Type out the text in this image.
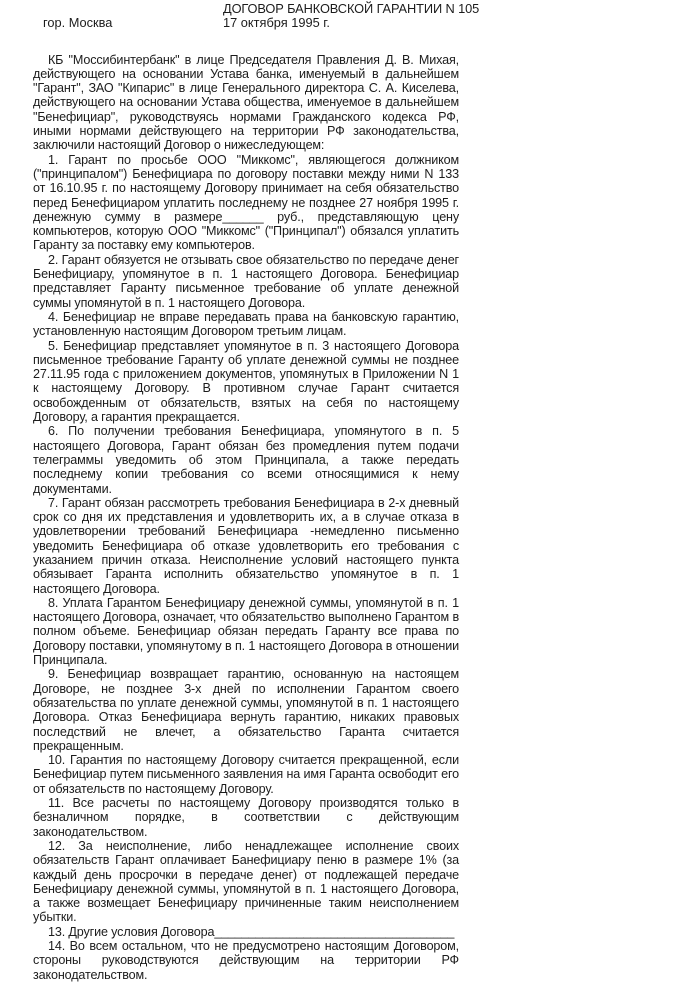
ДОГОВОР БАНКОВСКОЙ ГАРАНТИИ N 105
гор. Москва	17 октября 1995 г.

КБ "Моссибинтербанк" в лице Председателя Правления Д. В. Михая, действующего на основании Устава банка, именуемый в дальнейшем "Гарант", ЗАО "Кипарис" в лице Генерального директора С. А. Киселева, действующего на основании Устава общества, именуемое в дальнейшем "Бенефициар", руководствуясь нормами Гражданского кодекса РФ, иными нормами действующего на территории РФ законодательства, заключили настоящий Договор о нижеследующем:

1. Гарант по просьбе ООО "Миккомс", являющегося должником ("принципалом") Бенефициара по договору поставки между ними N 133 от 16.10.95 г. по настоящему Договору принимает на себя обязательство перед Бенефициаром уплатить последнему не позднее 27 ноября 1995 г. денежную сумму в размере______ руб., представляющую цену компьютеров, которую ООО "Миккомс" ("Принципал") обязался уплатить Гаранту за поставку ему компьютеров.

2. Гарант обязуется не отзывать свое обязательство по передаче денег Бенефициару, упомянутое в п. 1 настоящего Договора. Бенефициар представляет Гаранту письменное требование об уплате денежной суммы упомянутой в п. 1 настоящего Договора.

4. Бенефициар не вправе передавать права на банковскую гарантию, установленную настоящим Договором третьим лицам.

5. Бенефициар представляет упомянутое в п. 3 настоящего Договора письменное требование Гаранту об уплате денежной суммы не позднее 27.11.95 года с приложением документов, упомянутых в Приложении N 1 к настоящему Договору. В противном случае Гарант считается освобожденным от обязательств, взятых на себя по настоящему Договору, а гарантия прекращается.

6. По получении требования Бенефициара, упомянутого в п. 5 настоящего Договора, Гарант обязан без промедления путем подачи телеграммы уведомить об этом Принципала, а также передать последнему копии требования со всеми относящимися к нему документами.

7. Гарант обязан рассмотреть требования Бенефициара в 2-х дневный срок со дня их представления и удовлетворить их, а в случае отказа в удовлетворении требований Бенефициара -немедленно письменно уведомить Бенефициара об отказе удовлетворить его требования с указанием причин отказа. Неисполнение условий настоящего пункта обязывает Гаранта исполнить обязательство упомянутое в п. 1 настоящего Договора.

8. Уплата Гарантом Бенефициару денежной суммы, упомянутой в п. 1 настоящего Договора, означает, что обязательство выполнено Гарантом в полном объеме. Бенефициар обязан передать Гаранту все права по Договору поставки, упомянутому в п. 1 настоящего Договора в отношении Принципала.

9. Бенефициар возвращает гарантию, основанную на настоящем Договоре, не позднее 3-х дней по исполнении Гарантом своего обязательства по уплате денежной суммы, упомянутой в п. 1 настоящего Договора. Отказ Бенефициара вернуть гарантию, никаких правовых последствий не влечет, а обязательство Гаранта считается прекращенным.

10. Гарантия по настоящему Договору считается прекращенной, если Бенефициар путем письменного заявления на имя Гаранта освободит его от обязательств по настоящему Договору.

11. Все расчеты по настоящему Договору производятся только в безналичном порядке, в соответствии с действующим законодательством.

12. За неисполнение, либо ненадлежащее исполнение своих обязательств Гарант оплачивает Банефициару пеню в размере 1% (за каждый день просрочки в передаче денег) от подлежащей передаче Бенефициару денежной суммы, упомянутой в п. 1 настоящего Договора, а также возмещает Бенефициару причиненные таким неисполнением убытки.

13. Другие условия Договора___________________________________

14. Во всем остальном, что не предусмотрено настоящим Договором, стороны руководствуются действующим на территории РФ законодательством.
